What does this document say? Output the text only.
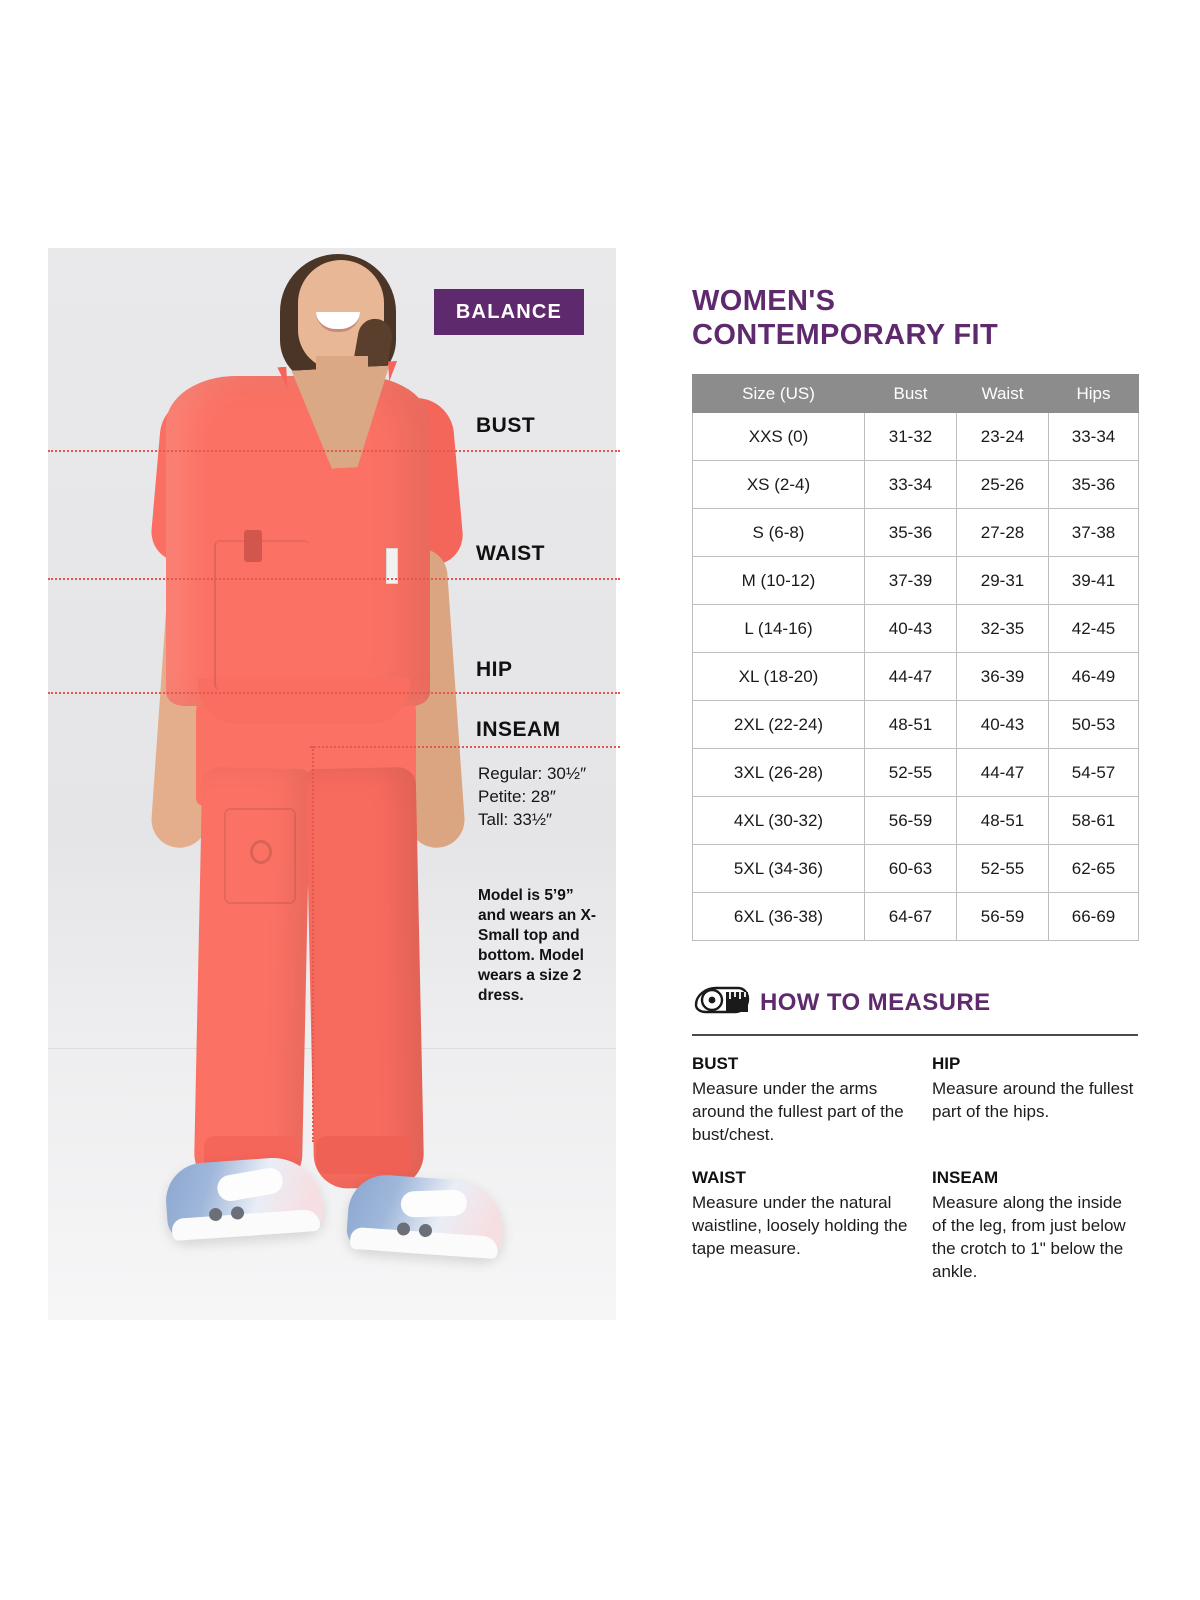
BUST
WAIST
HIP
INSEAM
BALANCE
Regular: 30½″
Petite: 28″
Tall: 33½″
Model is 5’9” and wears an X-Small top and bottom. Model wears a size 2 dress.
WOMEN'S
CONTEMPORARY FIT
Size (US)	Bust	Waist	Hips
XXS (0)	31-32	23-24	33-34
XS (2-4)	33-34	25-26	35-36
S (6-8)	35-36	27-28	37-38
M (10-12)	37-39	29-31	39-41
L (14-16)	40-43	32-35	42-45
XL (18-20)	44-47	36-39	46-49
2XL (22-24)	48-51	40-43	50-53
3XL (26-28)	52-55	44-47	54-57
4XL (30-32)	56-59	48-51	58-61
5XL (34-36)	60-63	52-55	62-65
6XL (36-38)	64-67	56-59	66-69
HOW TO MEASURE
BUST
Measure under the arms around the fullest part of the bust/chest.
HIP
Measure around the fullest part of the hips.
WAIST
Measure under the natural waistline, loosely holding the tape measure.
INSEAM
Measure along the inside of the leg, from just below the crotch to 1" below the ankle.
